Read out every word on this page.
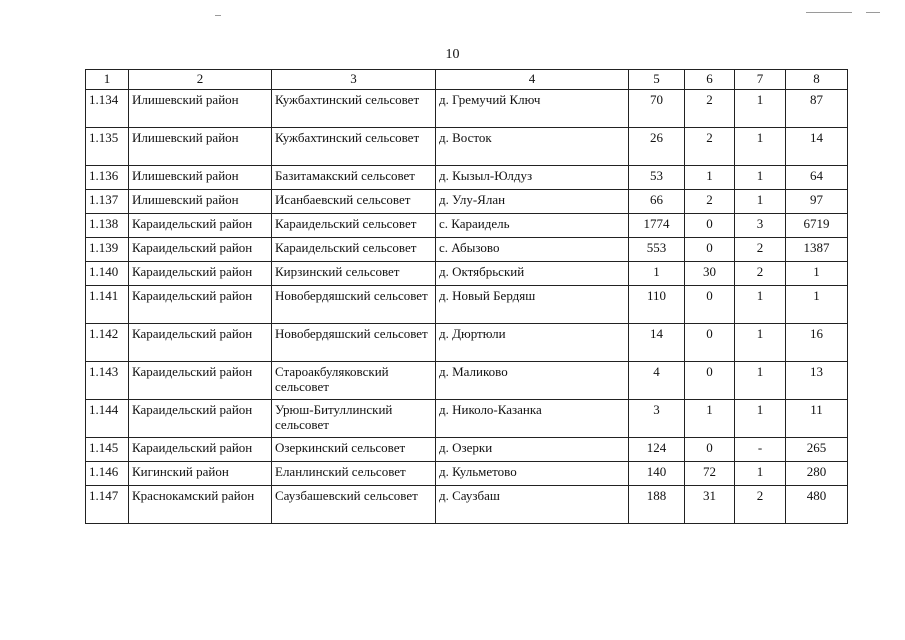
10
1	2	3	4	5	6	7	8
1.134	Илишевский район	Кужбахтинский сельсовет	д. Гремучий Ключ	70	2	1	87
1.135	Илишевский район	Кужбахтинский сельсовет	д. Восток	26	2	1	14
1.136	Илишевский район	Базитамакский сельсовет	д. Кызыл-Юлдуз	53	1	1	64
1.137	Илишевский район	Исанбаевский сельсовет	д. Улу-Ялан	66	2	1	97
1.138	Караидельский район	Караидельский сельсовет	с. Караидель	1774	0	3	6719
1.139	Караидельский район	Караидельский сельсовет	с. Абызово	553	0	2	1387
1.140	Караидельский район	Кирзинский сельсовет	д. Октябрьский	1	30	2	1
1.141	Караидельский район	Новобердяшский сельсовет	д. Новый Бердяш	110	0	1	1
1.142	Караидельский район	Новобердяшский сельсовет	д. Дюртюли	14	0	1	16
1.143	Караидельский район	Староакбуляковский сельсовет	д. Маликово	4	0	1	13
1.144	Караидельский район	Урюш-Битуллинский сельсовет	д. Николо-Казанка	3	1	1	11
1.145	Караидельский район	Озеркинский сельсовет	д. Озерки	124	0	-	265
1.146	Кигинский район	Еланлинский сельсовет	д. Кульметово	140	72	1	280
1.147	Краснокамский район	Саузбашевский сельсовет	д. Саузбаш	188	31	2	480
